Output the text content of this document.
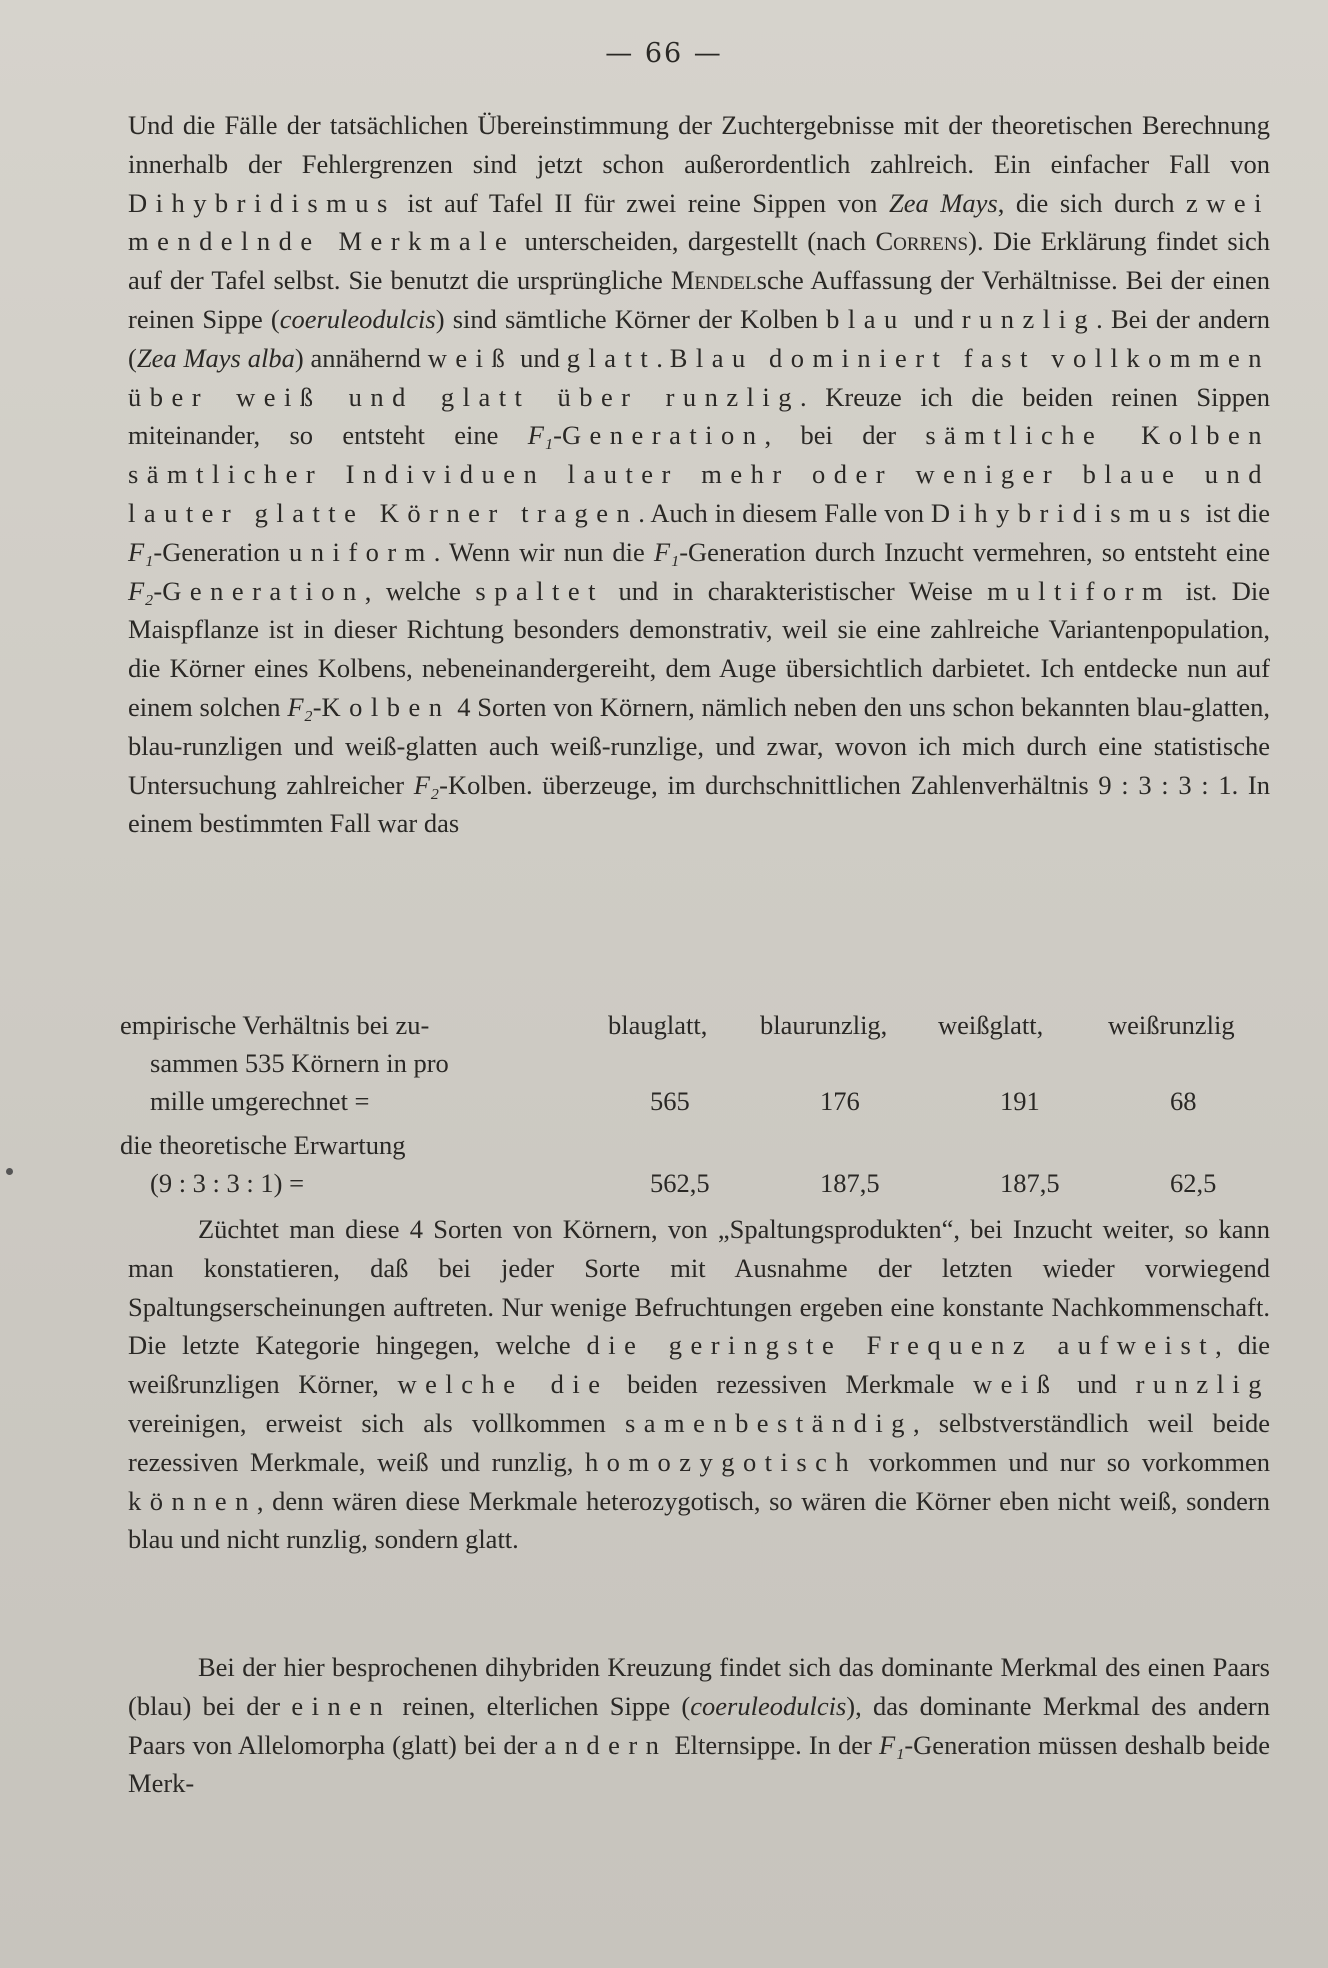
— 66 —

Und die Fälle der tatsächlichen Übereinstimmung der Zuchtergebnisse mit der theoretischen Berechnung innerhalb der Fehlergrenzen sind jetzt schon außerordentlich zahlreich. Ein einfacher Fall von Dihybridismus ist auf Tafel II für zwei reine Sippen von Zea Mays, die sich durch zwei mendelnde Merkmale unterscheiden, dargestellt (nach Correns). Die Erklärung findet sich auf der Tafel selbst. Sie benutzt die ursprüngliche Mendelsche Auffassung der Verhältnisse. Bei der einen reinen Sippe (coeruleodulcis) sind sämtliche Körner der Kolben blau und runzlig. Bei der andern (Zea Mays alba) annähernd weiß und glatt. Blau dominiert fast vollkommen über weiß und glatt über runzlig. Kreuze ich die beiden reinen Sippen miteinander, so entsteht eine F₁-Generation, bei der sämtliche Kolben sämtlicher Individuen lauter mehr oder weniger blaue und lauter glatte Körner tragen. Auch in diesem Falle von Dihybridismus ist die F₁-Generation uniform. Wenn wir nun die F₁-Generation durch Inzucht vermehren, so entsteht eine F₂-Generation, welche spaltet und in charakteristischer Weise multiform ist. Die Maispflanze ist in dieser Richtung besonders demonstrativ, weil sie eine zahlreiche Variantenpopulation, die Körner eines Kolbens, nebeneinandergereiht, dem Auge übersichtlich darbietet. Ich entdecke nun auf einem solchen F₂-Kolben 4 Sorten von Körnern, nämlich neben den uns schon bekannten blau-glatten, blau-runzligen und weiß-glatten auch weiß-runzlige, und zwar, wovon ich mich durch eine statistische Untersuchung zahlreicher F₂-Kolben. überzeuge, im durchschnittlichen Zahlenverhältnis 9 : 3 : 3 : 1. In einem bestimmten Fall war das

empirische Verhältnis bei zu-	blauglatt, blaurunzlig, weißglatt, weißrunzlig
sammen 535 Körnern in pro
mille umgerechnet =	565	176	191	68
die theoretische Erwartung
(9 : 3 : 3 : 1) =	562,5	187,5	187,5	62,5

Züchtet man diese 4 Sorten von Körnern, von „Spaltungsprodukten“, bei Inzucht weiter, so kann man konstatieren, daß bei jeder Sorte mit Ausnahme der letzten wieder vorwiegend Spaltungserscheinungen auftreten. Nur wenige Befruchtungen ergeben eine konstante Nachkommenschaft. Die letzte Kategorie hingegen, welche die geringste Frequenz aufweist, die weißrunzligen Körner, welche die beiden rezessiven Merkmale weiß und runzlig vereinigen, erweist sich als vollkommen samenbeständig, selbstverständlich weil beide rezessiven Merkmale, weiß und runzlig, homozygotisch vorkommen und nur so vorkommen können, denn wären diese Merkmale heterozygotisch, so wären die Körner eben nicht weiß, sondern blau und nicht runzlig, sondern glatt.

Bei der hier besprochenen dihybriden Kreuzung findet sich das dominante Merkmal des einen Paars (blau) bei der einen reinen, elterlichen Sippe (coeruleodulcis), das dominante Merkmal des andern Paars von Allelomorpha (glatt) bei der andern Elternsippe. In der F₁-Generation müssen deshalb beide Merk-
